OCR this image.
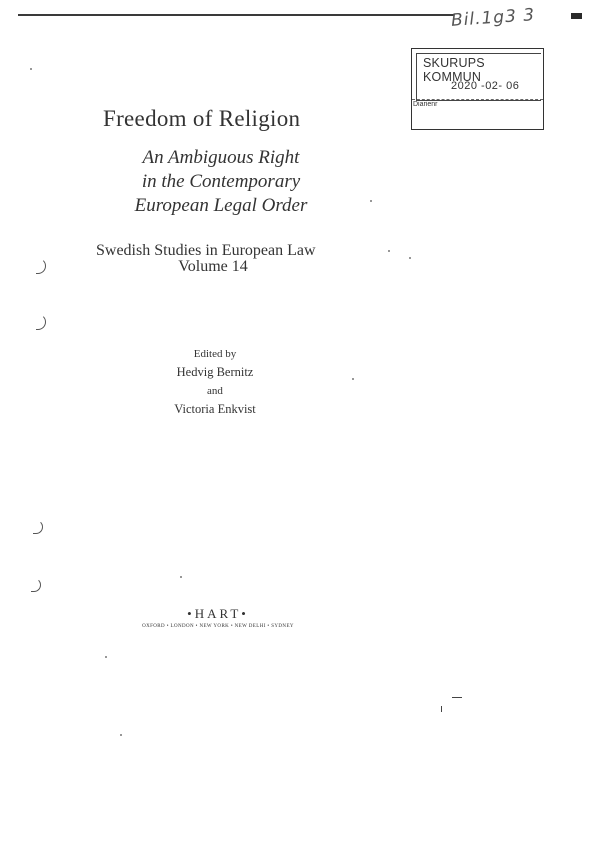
Bil.1g3 3
SKURUPS KOMMUN
2020 -02- 06
Diarienr
Freedom of Religion
An Ambiguous Right
in the Contemporary
European Legal Order
Swedish Studies in European Law
Volume 14
Edited by
Hedvig Bernitz
and
Victoria Enkvist
•HART•
OXFORD • LONDON • NEW YORK • NEW DELHI • SYDNEY
